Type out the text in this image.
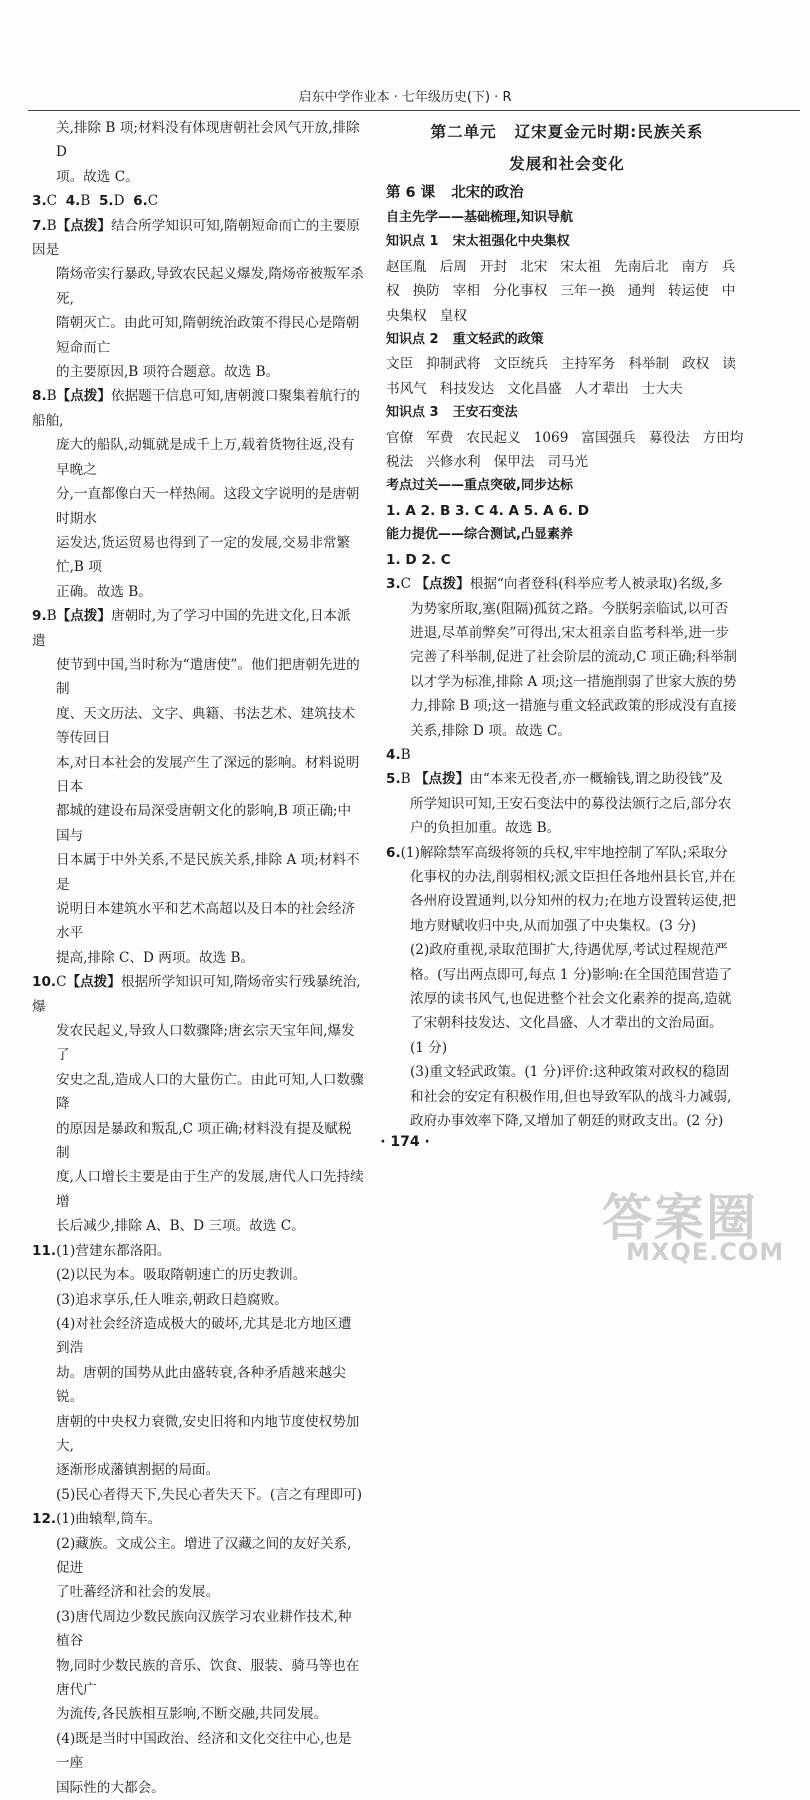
启东中学作业本 · 七年级历史(下) · R

关,排除 B 项;材料没有体现唐朝社会风气开放,排除 D

项。故选 C。

3.C 4.B 5.D 6.C

7.B【点拨】结合所学知识可知,隋朝短命而亡的主要原因是
隋炀帝实行暴政,导致农民起义爆发,隋炀帝被叛军杀死,
隋朝灭亡。由此可知,隋朝统治政策不得民心是隋朝短命而亡
的主要原因,B 项符合题意。故选 B。
8.B【点拨】依据题干信息可知,唐朝渡口聚集着航行的船舶,
庞大的船队,动辄就是成千上万,载着货物往返,没有早晚之
分,一直都像白天一样热闹。这段文字说明的是唐朝时期水
运发达,货运贸易也得到了一定的发展,交易非常繁忙,B 项
正确。故选 B。
9.B【点拨】唐朝时,为了学习中国的先进文化,日本派遣
使节到中国,当时称为“遣唐使”。他们把唐朝先进的制
度、天文历法、文字、典籍、书法艺术、建筑技术等传回日
本,对日本社会的发展产生了深远的影响。材料说明日本
都城的建设布局深受唐朝文化的影响,B 项正确;中国与
日本属于中外关系,不是民族关系,排除 A 项;材料不是
说明日本建筑水平和艺术高超以及日本的社会经济水平
提高,排除 C、D 两项。故选 B。
10.C【点拨】根据所学知识可知,隋炀帝实行残暴统治,爆
发农民起义,导致人口数骤降;唐玄宗天宝年间,爆发了
安史之乱,造成人口的大量伤亡。由此可知,人口数骤降
的原因是暴政和叛乱,C 项正确;材料没有提及赋税制
度,人口增长主要是由于生产的发展,唐代人口先持续增
长后减少,排除 A、B、D 三项。故选 C。
11.(1)营建东都洛阳。
(2)以民为本。吸取隋朝速亡的历史教训。
(3)追求享乐,任人唯亲,朝政日趋腐败。
(4)对社会经济造成极大的破坏,尤其是北方地区遭到浩
劫。唐朝的国势从此由盛转衰,各种矛盾越来越尖锐。
唐朝的中央权力衰微,安史旧将和内地节度使权势加大,
逐渐形成藩镇割据的局面。
(5)民心者得天下,失民心者失天下。(言之有理即可)
12.(1)曲辕犁,筒车。
(2)藏族。文成公主。增进了汉藏之间的友好关系,促进
了吐蕃经济和社会的发展。
(3)唐代周边少数民族向汉族学习农业耕作技术,种植谷
物,同时少数民族的音乐、饮食、服装、骑马等也在唐代广
为流传,各民族相互影响,不断交融,共同发展。
(4)既是当时中国政治、经济和文化交往中心,也是一座
国际性的大都会。
第二单元 辽宋夏金元时期:民族关系
发展和社会变化
第 6 课 北宋的政治
自主先学——基础梳理,知识导航
知识点 1 宋太祖强化中央集权
赵匡胤 后周 开封 北宋 宋太祖 先南后北 南方 兵权 换防 宰相 分化事权 三年一换 通判 转运使 中央集权 皇权
知识点 2 重文轻武的政策
文臣 抑制武将 文臣统兵 主持军务 科举制 政权 读书风气 科技发达 文化昌盛 人才辈出 士大夫
知识点 3 王安石变法
官僚 军费 农民起义 1069 富国强兵 募役法 方田均税法 兴修水利 保甲法 司马光
考点过关——重点突破,同步达标
1. A 2. B 3. C 4. A 5. A 6. D
能力提优——综合测试,凸显素养
1. D 2. C
3.C 【点拨】根据“向者登科(科举应考人被录取)名级,多
为势家所取,塞(阻隔)孤贫之路。今朕躬亲临试,以可否
进退,尽革前弊矣”可得出,宋太祖亲自监考科举,进一步
完善了科举制,促进了社会阶层的流动,C 项正确;科举制
以才学为标准,排除 A 项;这一措施削弱了世家大族的势
力,排除 B 项;这一措施与重文轻武政策的形成没有直接
关系,排除 D 项。故选 C。
4.B
5.B 【点拨】由“本来无役者,亦一概输钱,谓之助役钱”及
所学知识可知,王安石变法中的募役法颁行之后,部分农
户的负担加重。故选 B。
6.(1)解除禁军高级将领的兵权,牢牢地控制了军队;采取分
化事权的办法,削弱相权;派文臣担任各地州县长官,并在
各州府设置通判,以分知州的权力;在地方设置转运使,把
地方财赋收归中央,从而加强了中央集权。(3 分)
(2)政府重视,录取范围扩大,待遇优厚,考试过程规范严
格。(写出两点即可,每点 1 分)影响:在全国范围营造了
浓厚的读书风气,也促进整个社会文化素养的提高,造就
了宋朝科技发达、文化昌盛、人才辈出的文治局面。
(1 分)
(3)重文轻武政策。(1 分)评价:这种政策对政权的稳固
和社会的安定有积极作用,但也导致军队的战斗力减弱,
政府办事效率下降,又增加了朝廷的财政支出。(2 分)
· 174 ·
答案圈
MXQE.COM
